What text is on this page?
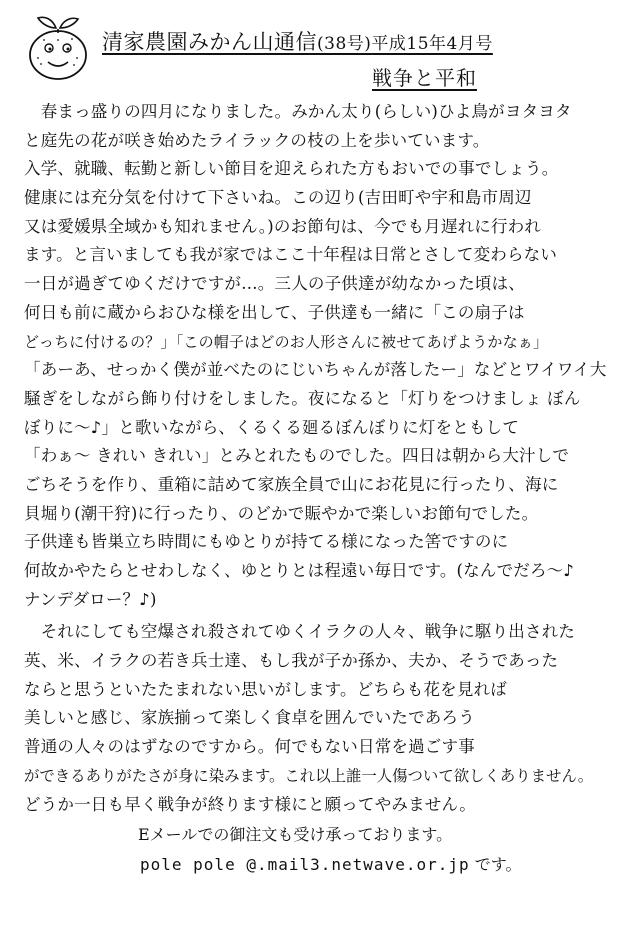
清家農園みかん山通信(38号)平成15年4月号
戦争と平和
　春まっ盛りの四月になりました。みかん太り(らしい)ひよ鳥がヨタヨタ
と庭先の花が咲き始めたライラックの枝の上を歩いています。
入学、就職、転勤と新しい節目を迎えられた方もおいでの事でしょう。
健康には充分気を付けて下さいね。この辺り(吉田町や宇和島市周辺
又は愛媛県全域かも知れません。)のお節句は、今でも月遅れに行われ
ます。と言いましても我が家ではここ十年程は日常とさして変わらない
一日が過ぎてゆくだけですが…。三人の子供達が幼なかった頃は、
何日も前に蔵からおひな様を出して、子供達も一緒に「この扇子は
どっちに付けるの？」「この帽子はどのお人形さんに被せてあげようかなぁ」
「あーあ、せっかく僕が並べたのにじいちゃんが落したー」などとワイワイ大
騒ぎをしながら飾り付けをしました。夜になると「灯りをつけましょ ぼん
ぼりに～♪」と歌いながら、くるくる廻るぼんぼりに灯をともして
「わぁ～ きれい きれい」とみとれたものでした。四日は朝から大汁しで
ごちそうを作り、重箱に詰めて家族全員で山にお花見に行ったり、海に
貝堀り(潮干狩)に行ったり、のどかで賑やかで楽しいお節句でした。
子供達も皆巣立ち時間にもゆとりが持てる様になった筈ですのに
何故かやたらとせわしなく、ゆとりとは程遠い毎日です。(なんでだろ～♪
ナンデダロー？♪)
　それにしても空爆され殺されてゆくイラクの人々、戦争に駆り出された
英、米、イラクの若き兵士達、もし我が子か孫か、夫か、そうであった
ならと思うといたたまれない思いがします。どちらも花を見れば
美しいと感じ、家族揃って楽しく食卓を囲んでいたであろう
普通の人々のはずなのですから。何でもない日常を過ごす事
ができるありがたさが身に染みます。これ以上誰一人傷ついて欲しくありません。
どうか一日も早く戦争が終ります様にと願ってやみません。
Eメールでの御注文も受け承っております。
pole pole @.mail3.netwave.or.jp です。
